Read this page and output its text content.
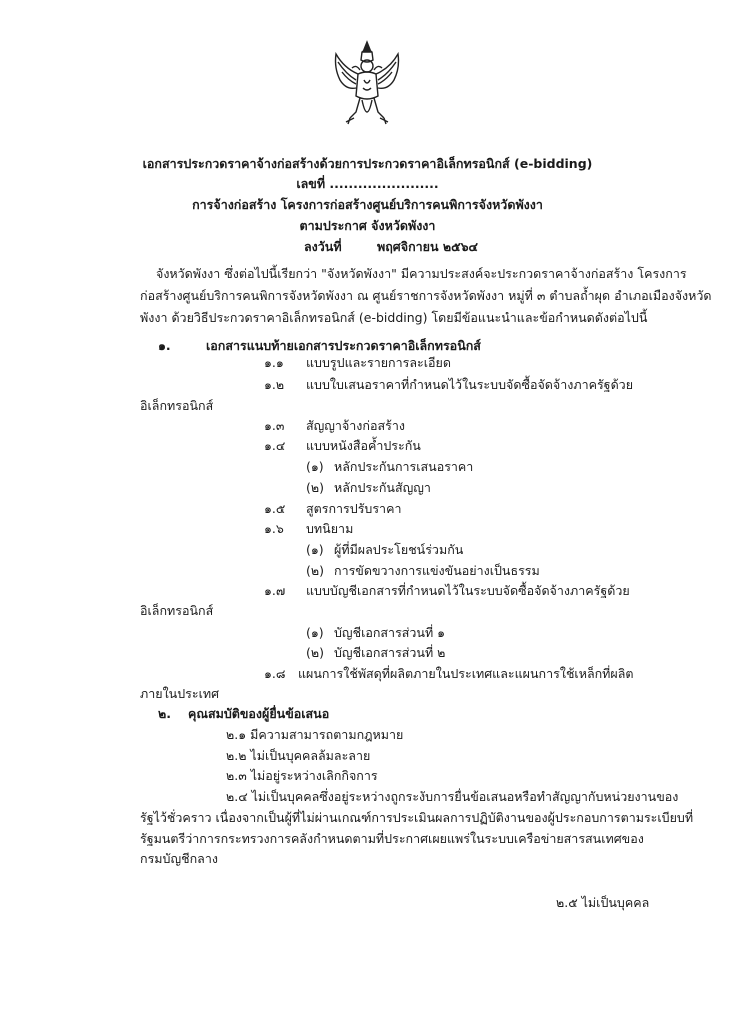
เอกสารประกวดราคาจ้างก่อสร้างด้วยการประกวดราคาอิเล็กทรอนิกส์ (e-bidding)
เลขที่ .......................
การจ้างก่อสร้าง โครงการก่อสร้างศูนย์บริการคนพิการจังหวัดพังงา
ตามประกาศ จังหวัดพังงา
ลงวันที่	พฤศจิกายน ๒๕๖๔
จังหวัดพังงา ซึ่งต่อไปนี้เรียกว่า "จังหวัดพังงา" มีความประสงค์จะประกวดราคาจ้างก่อสร้าง โครงการ
ก่อสร้างศูนย์บริการคนพิการจังหวัดพังงา ณ ศูนย์ราชการจังหวัดพังงา หมู่ที่ ๓ ตำบลถ้ำผุด อำเภอเมืองจังหวัด
พังงา ด้วยวิธีประกวดราคาอิเล็กทรอนิกส์ (e-bidding) โดยมีข้อแนะนำและข้อกำหนดดังต่อไปนี้
๑.	เอกสารแนบท้ายเอกสารประกวดราคาอิเล็กทรอนิกส์
๑.๑ แบบรูปและรายการละเอียด
๑.๒ แบบใบเสนอราคาที่กำหนดไว้ในระบบจัดซื้อจัดจ้างภาครัฐด้วย
อิเล็กทรอนิกส์
๑.๓ สัญญาจ้างก่อสร้าง
๑.๔ แบบหนังสือค้ำประกัน
(๑) หลักประกันการเสนอราคา
(๒) หลักประกันสัญญา
๑.๕ สูตรการปรับราคา
๑.๖ บทนิยาม
(๑) ผู้ที่มีผลประโยชน์ร่วมกัน
(๒) การขัดขวางการแข่งขันอย่างเป็นธรรม
๑.๗ แบบบัญชีเอกสารที่กำหนดไว้ในระบบจัดซื้อจัดจ้างภาครัฐด้วย
อิเล็กทรอนิกส์
(๑) บัญชีเอกสารส่วนที่ ๑
(๒) บัญชีเอกสารส่วนที่ ๒
๑.๘ แผนการใช้พัสดุที่ผลิตภายในประเทศและแผนการใช้เหล็กที่ผลิต
ภายในประเทศ
๒. คุณสมบัติของผู้ยื่นข้อเสนอ
๒.๑ มีความสามารถตามกฎหมาย
๒.๒ ไม่เป็นบุคคลล้มละลาย
๒.๓ ไม่อยู่ระหว่างเลิกกิจการ
๒.๔ ไม่เป็นบุคคลซึ่งอยู่ระหว่างถูกระงับการยื่นข้อเสนอหรือทำสัญญากับหน่วยงานของ
รัฐไว้ชั่วคราว เนื่องจากเป็นผู้ที่ไม่ผ่านเกณฑ์การประเมินผลการปฏิบัติงานของผู้ประกอบการตามระเบียบที่
รัฐมนตรีว่าการกระทรวงการคลังกำหนดตามที่ประกาศเผยแพร่ในระบบเครือข่ายสารสนเทศของ
กรมบัญชีกลาง
๒.๕ ไม่เป็นบุคคล
